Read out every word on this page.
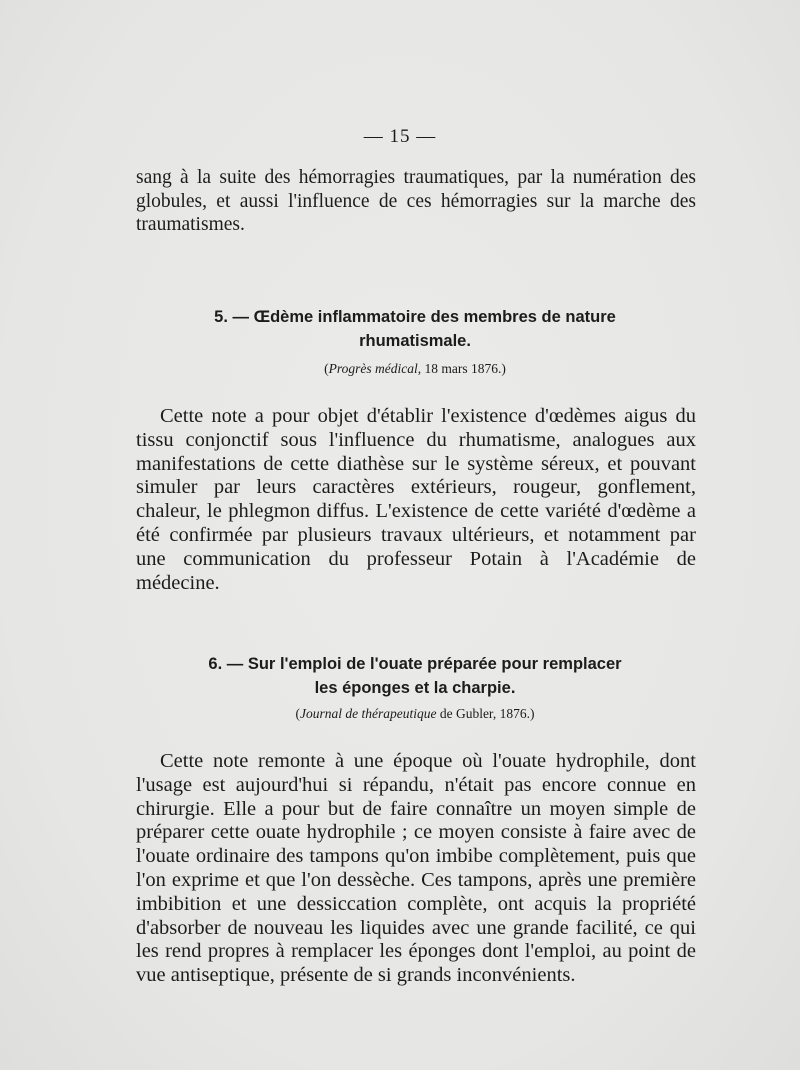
— 15 —

sang à la suite des hémorragies traumatiques, par la numération des globules, et aussi l'influence de ces hémorragies sur la marche des traumatismes.

5. — Œdème inflammatoire des membres de nature
rhumatismale.

(Progrès médical, 18 mars 1876.)

Cette note a pour objet d'établir l'existence d'œdèmes aigus du tissu conjonctif sous l'influence du rhumatisme, analogues aux manifestations de cette diathèse sur le système séreux, et pouvant simuler par leurs caractères extérieurs, rougeur, gonflement, chaleur, le phlegmon diffus. L'existence de cette variété d'œdème a été confirmée par plusieurs travaux ultérieurs, et notamment par une communication du professeur Potain à l'Académie de médecine.

6. — Sur l'emploi de l'ouate préparée pour remplacer
les éponges et la charpie.

(Journal de thérapeutique de Gubler, 1876.)

Cette note remonte à une époque où l'ouate hydrophile, dont l'usage est aujourd'hui si répandu, n'était pas encore connue en chirurgie. Elle a pour but de faire connaître un moyen simple de préparer cette ouate hydrophile ; ce moyen consiste à faire avec de l'ouate ordinaire des tampons qu'on imbibe complètement, puis que l'on exprime et que l'on dessèche. Ces tampons, après une première imbibition et une dessiccation complète, ont acquis la propriété d'absorber de nouveau les liquides avec une grande facilité, ce qui les rend propres à remplacer les éponges dont l'emploi, au point de vue antiseptique, présente de si grands inconvénients.
